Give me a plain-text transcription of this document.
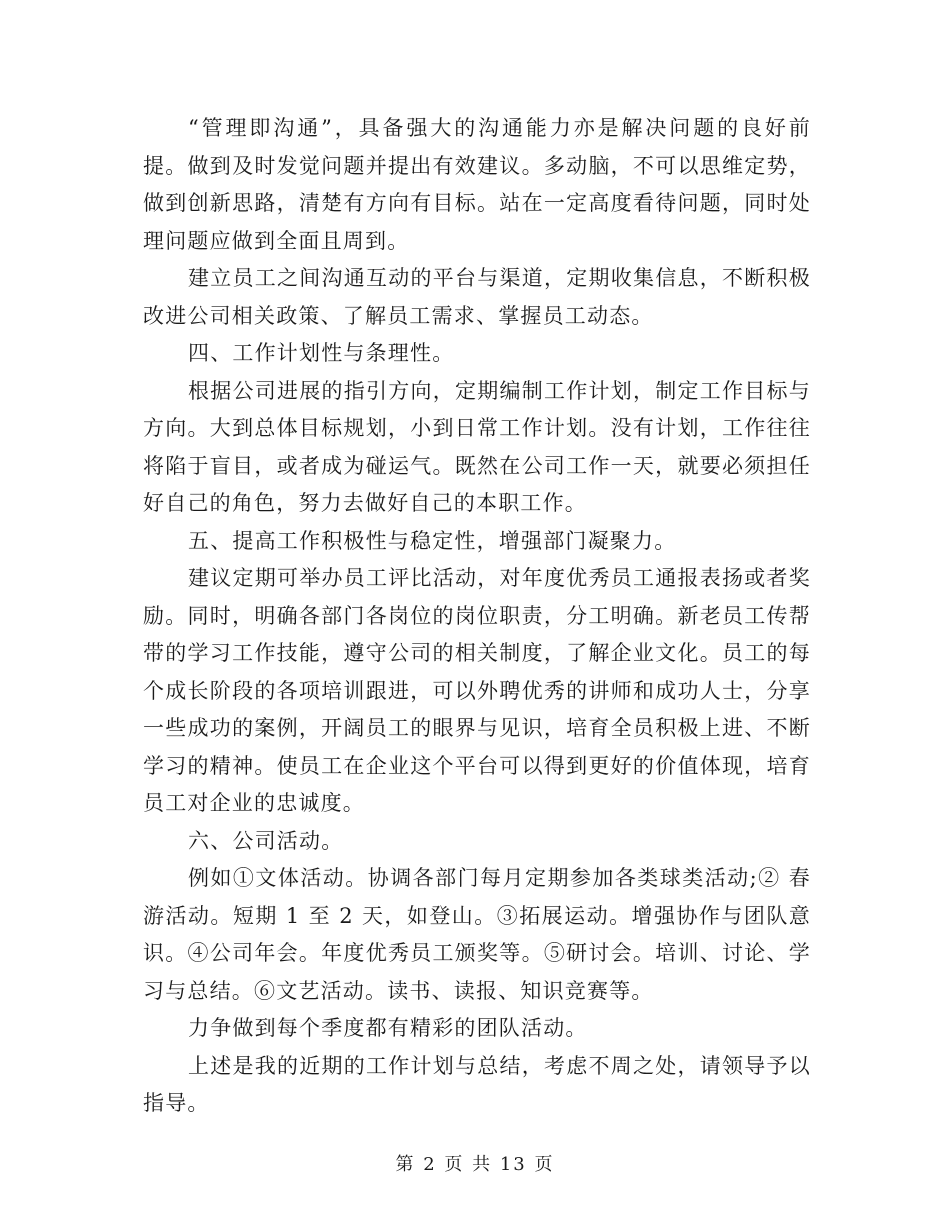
“管理即沟通”，具备强大的沟通能力亦是解决问题的良好前提。做到及时发觉问题并提出有效建议。多动脑，不可以思维定势，做到创新思路，清楚有方向有目标。站在一定高度看待问题，同时处理问题应做到全面且周到。

建立员工之间沟通互动的平台与渠道，定期收集信息，不断积极改进公司相关政策、了解员工需求、掌握员工动态。

四、工作计划性与条理性。

根据公司进展的指引方向，定期编制工作计划，制定工作目标与方向。大到总体目标规划，小到日常工作计划。没有计划，工作往往将陷于盲目，或者成为碰运气。既然在公司工作一天，就要必须担任好自己的角色，努力去做好自己的本职工作。

五、提高工作积极性与稳定性，增强部门凝聚力。

建议定期可举办员工评比活动，对年度优秀员工通报表扬或者奖励。同时，明确各部门各岗位的岗位职责，分工明确。新老员工传帮带的学习工作技能，遵守公司的相关制度，了解企业文化。员工的每个成长阶段的各项培训跟进，可以外聘优秀的讲师和成功人士，分享一些成功的案例，开阔员工的眼界与见识，培育全员积极上进、不断学习的精神。使员工在企业这个平台可以得到更好的价值体现，培育员工对企业的忠诚度。

六、公司活动。

例如①文体活动。协调各部门每月定期参加各类球类活动;② 春游活动。短期 1 至 2 天，如登山。③拓展运动。增强协作与团队意识。④公司年会。年度优秀员工颁奖等。⑤研讨会。培训、讨论、学习与总结。⑥文艺活动。读书、读报、知识竞赛等。

力争做到每个季度都有精彩的团队活动。

上述是我的近期的工作计划与总结，考虑不周之处，请领导予以指导。

第 2 页 共 13 页
